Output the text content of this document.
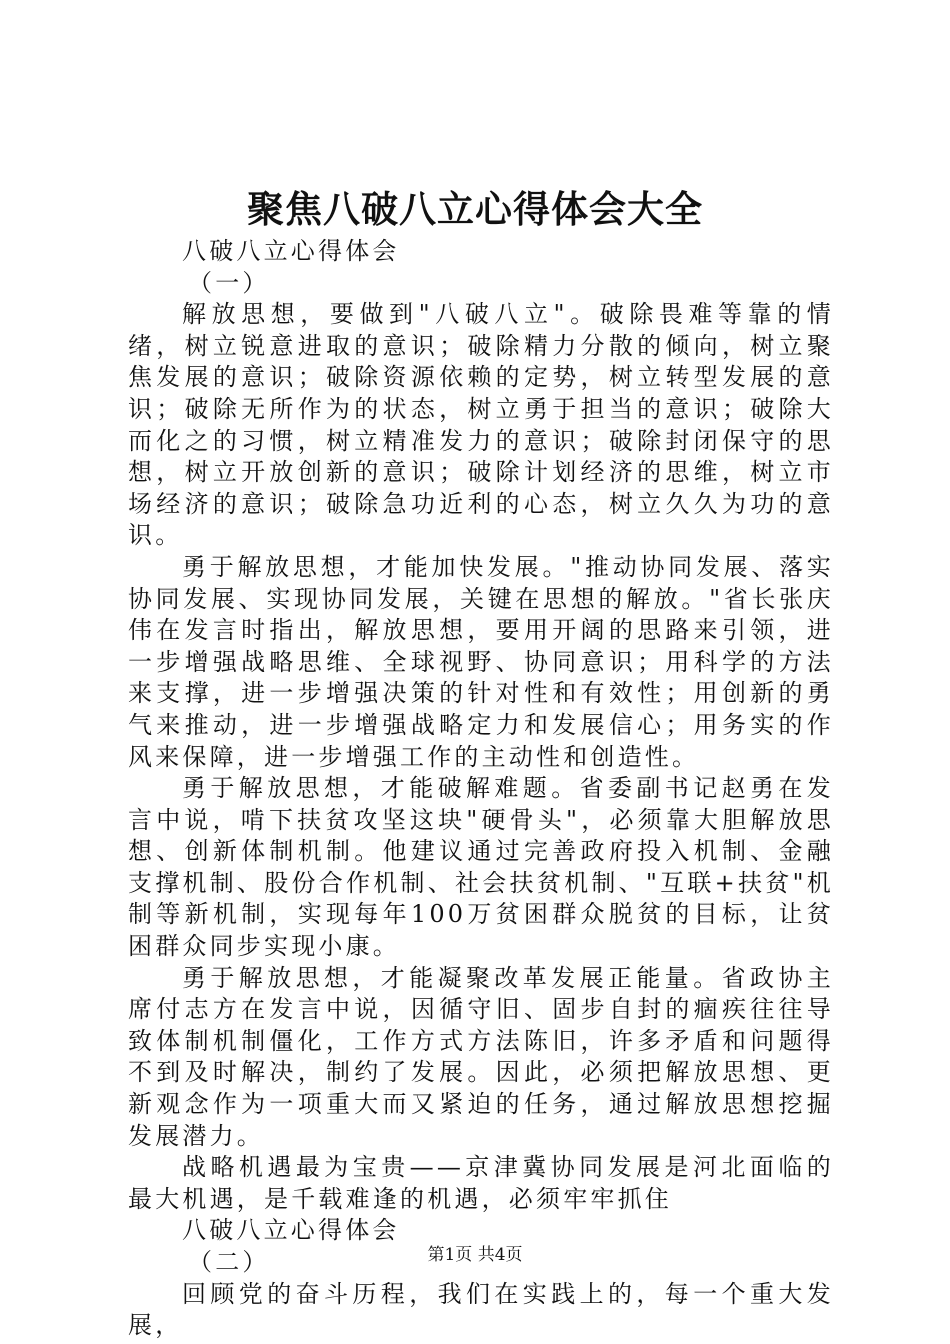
聚焦八破八立心得体会大全

八破八立心得体会

（一）

解放思想，要做到"八破八立"。破除畏难等靠的情绪，树立锐意进取的意识；破除精力分散的倾向，树立聚焦发展的意识；破除资源依赖的定势，树立转型发展的意识；破除无所作为的状态，树立勇于担当的意识；破除大而化之的习惯，树立精准发力的意识；破除封闭保守的思想，树立开放创新的意识；破除计划经济的思维，树立市场经济的意识；破除急功近利的心态，树立久久为功的意识。

勇于解放思想，才能加快发展。"推动协同发展、落实协同发展、实现协同发展，关键在思想的解放。"省长张庆伟在发言时指出，解放思想，要用开阔的思路来引领，进一步增强战略思维、全球视野、协同意识；用科学的方法来支撑，进一步增强决策的针对性和有效性；用创新的勇气来推动，进一步增强战略定力和发展信心；用务实的作风来保障，进一步增强工作的主动性和创造性。

勇于解放思想，才能破解难题。省委副书记赵勇在发言中说，啃下扶贫攻坚这块"硬骨头"，必须靠大胆解放思想、创新体制机制。他建议通过完善政府投入机制、金融支撑机制、股份合作机制、社会扶贫机制、"互联+扶贫"机制等新机制，实现每年100万贫困群众脱贫的目标，让贫困群众同步实现小康。

勇于解放思想，才能凝聚改革发展正能量。省政协主席付志方在发言中说，因循守旧、固步自封的痼疾往往导致体制机制僵化，工作方式方法陈旧，许多矛盾和问题得不到及时解决，制约了发展。因此，必须把解放思想、更新观念作为一项重大而又紧迫的任务，通过解放思想挖掘发展潜力。

战略机遇最为宝贵——京津冀协同发展是河北面临的最大机遇，是千载难逢的机遇，必须牢牢抓住

八破八立心得体会

（二）

回顾党的奋斗历程，我们在实践上的，每一个重大发展，

第1页 共4页
